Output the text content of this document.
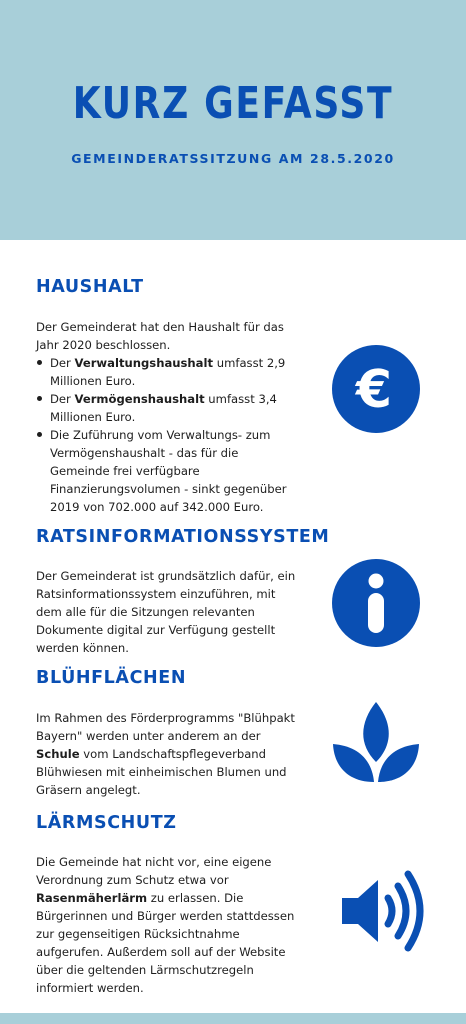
KURZ GEFASST
GEMEINDERATSSITZUNG AM 28.5.2020
HAUSHALT
Der Gemeinderat hat den Haushalt für das Jahr 2020 beschlossen.
Der Verwaltungshaushalt umfasst 2,9 Millionen Euro.
Der Vermögenshaushalt umfasst 3,4 Millionen Euro.
Die Zuführung vom Verwaltungs- zum Vermögenshaushalt - das für die Gemeinde frei verfügbare Finanzierungsvolumen - sinkt gegenüber 2019 von 702.000 auf 342.000 Euro.
€
RATSINFORMATIONSSYSTEM
Der Gemeinderat ist grundsätzlich dafür, ein Ratsinformationssystem einzuführen, mit dem alle für die Sitzungen relevanten Dokumente digital zur Verfügung gestellt werden können.
BLÜHFLÄCHEN
Im Rahmen des Förderprogramms "Blühpakt Bayern" werden unter anderem an der Schule vom Landschaftspflegeverband Blühwiesen mit einheimischen Blumen und Gräsern angelegt.
LÄRMSCHUTZ
Die Gemeinde hat nicht vor, eine eigene Verordnung zum Schutz etwa vor Rasenmäherlärm zu erlassen. Die Bürgerinnen und Bürger werden stattdessen zur gegenseitigen Rücksichtnahme aufgerufen. Außerdem soll auf der Website über die geltenden Lärmschutzregeln informiert werden.
